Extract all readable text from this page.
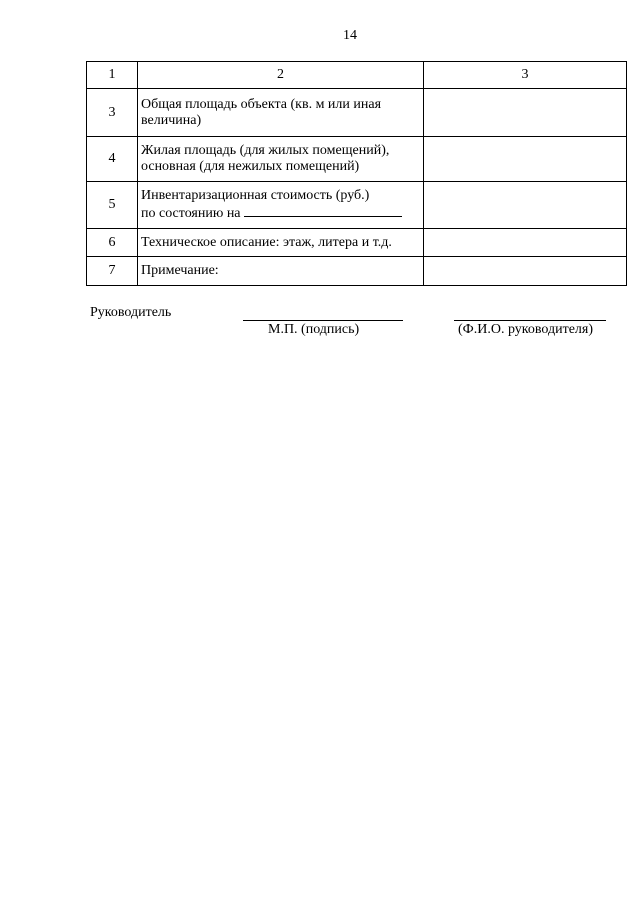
14
1	2	3
3	Общая площадь объекта (кв. м или иная
величина)	
4	Жилая площадь (для жилых помещений),
основная (для нежилых помещений)	
5	Инвентаризационная стоимость (руб.)
по состоянию на	
6	Техническое описание: этаж, литера и т.д.	
7	Примечание:	
Руководитель
М.П. (подпись)	(Ф.И.О. руководителя)
